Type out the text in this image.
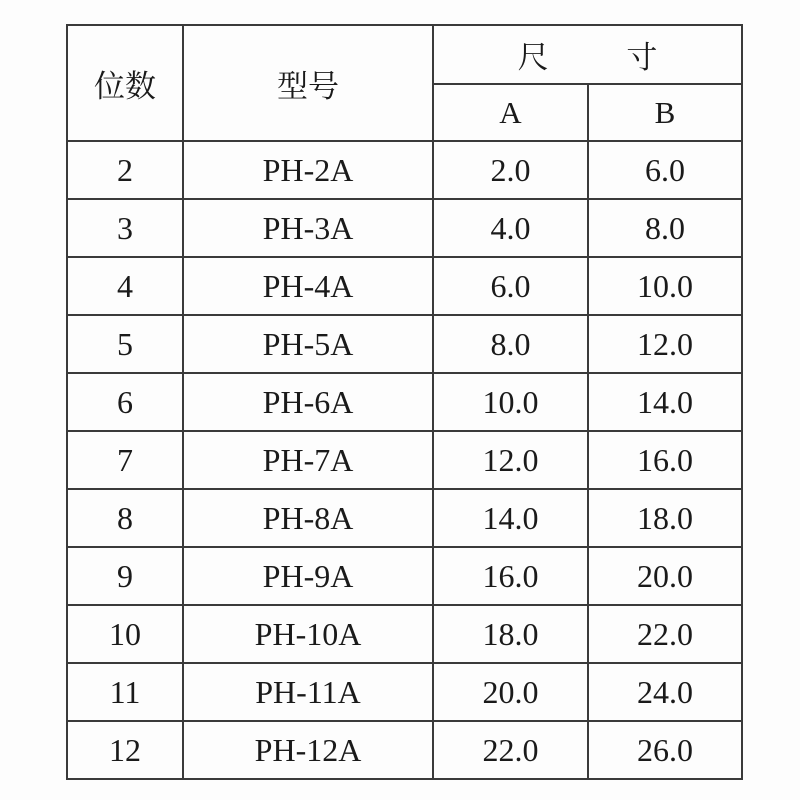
位数	型号	尺 寸	
		A	B
2	PH-2A	2.0	6.0
3	PH-3A	4.0	8.0
4	PH-4A	6.0	10.0
5	PH-5A	8.0	12.0
6	PH-6A	10.0	14.0
7	PH-7A	12.0	16.0
8	PH-8A	14.0	18.0
9	PH-9A	16.0	20.0
10	PH-10A	18.0	22.0
11	PH-11A	20.0	24.0
12	PH-12A	22.0	26.0
